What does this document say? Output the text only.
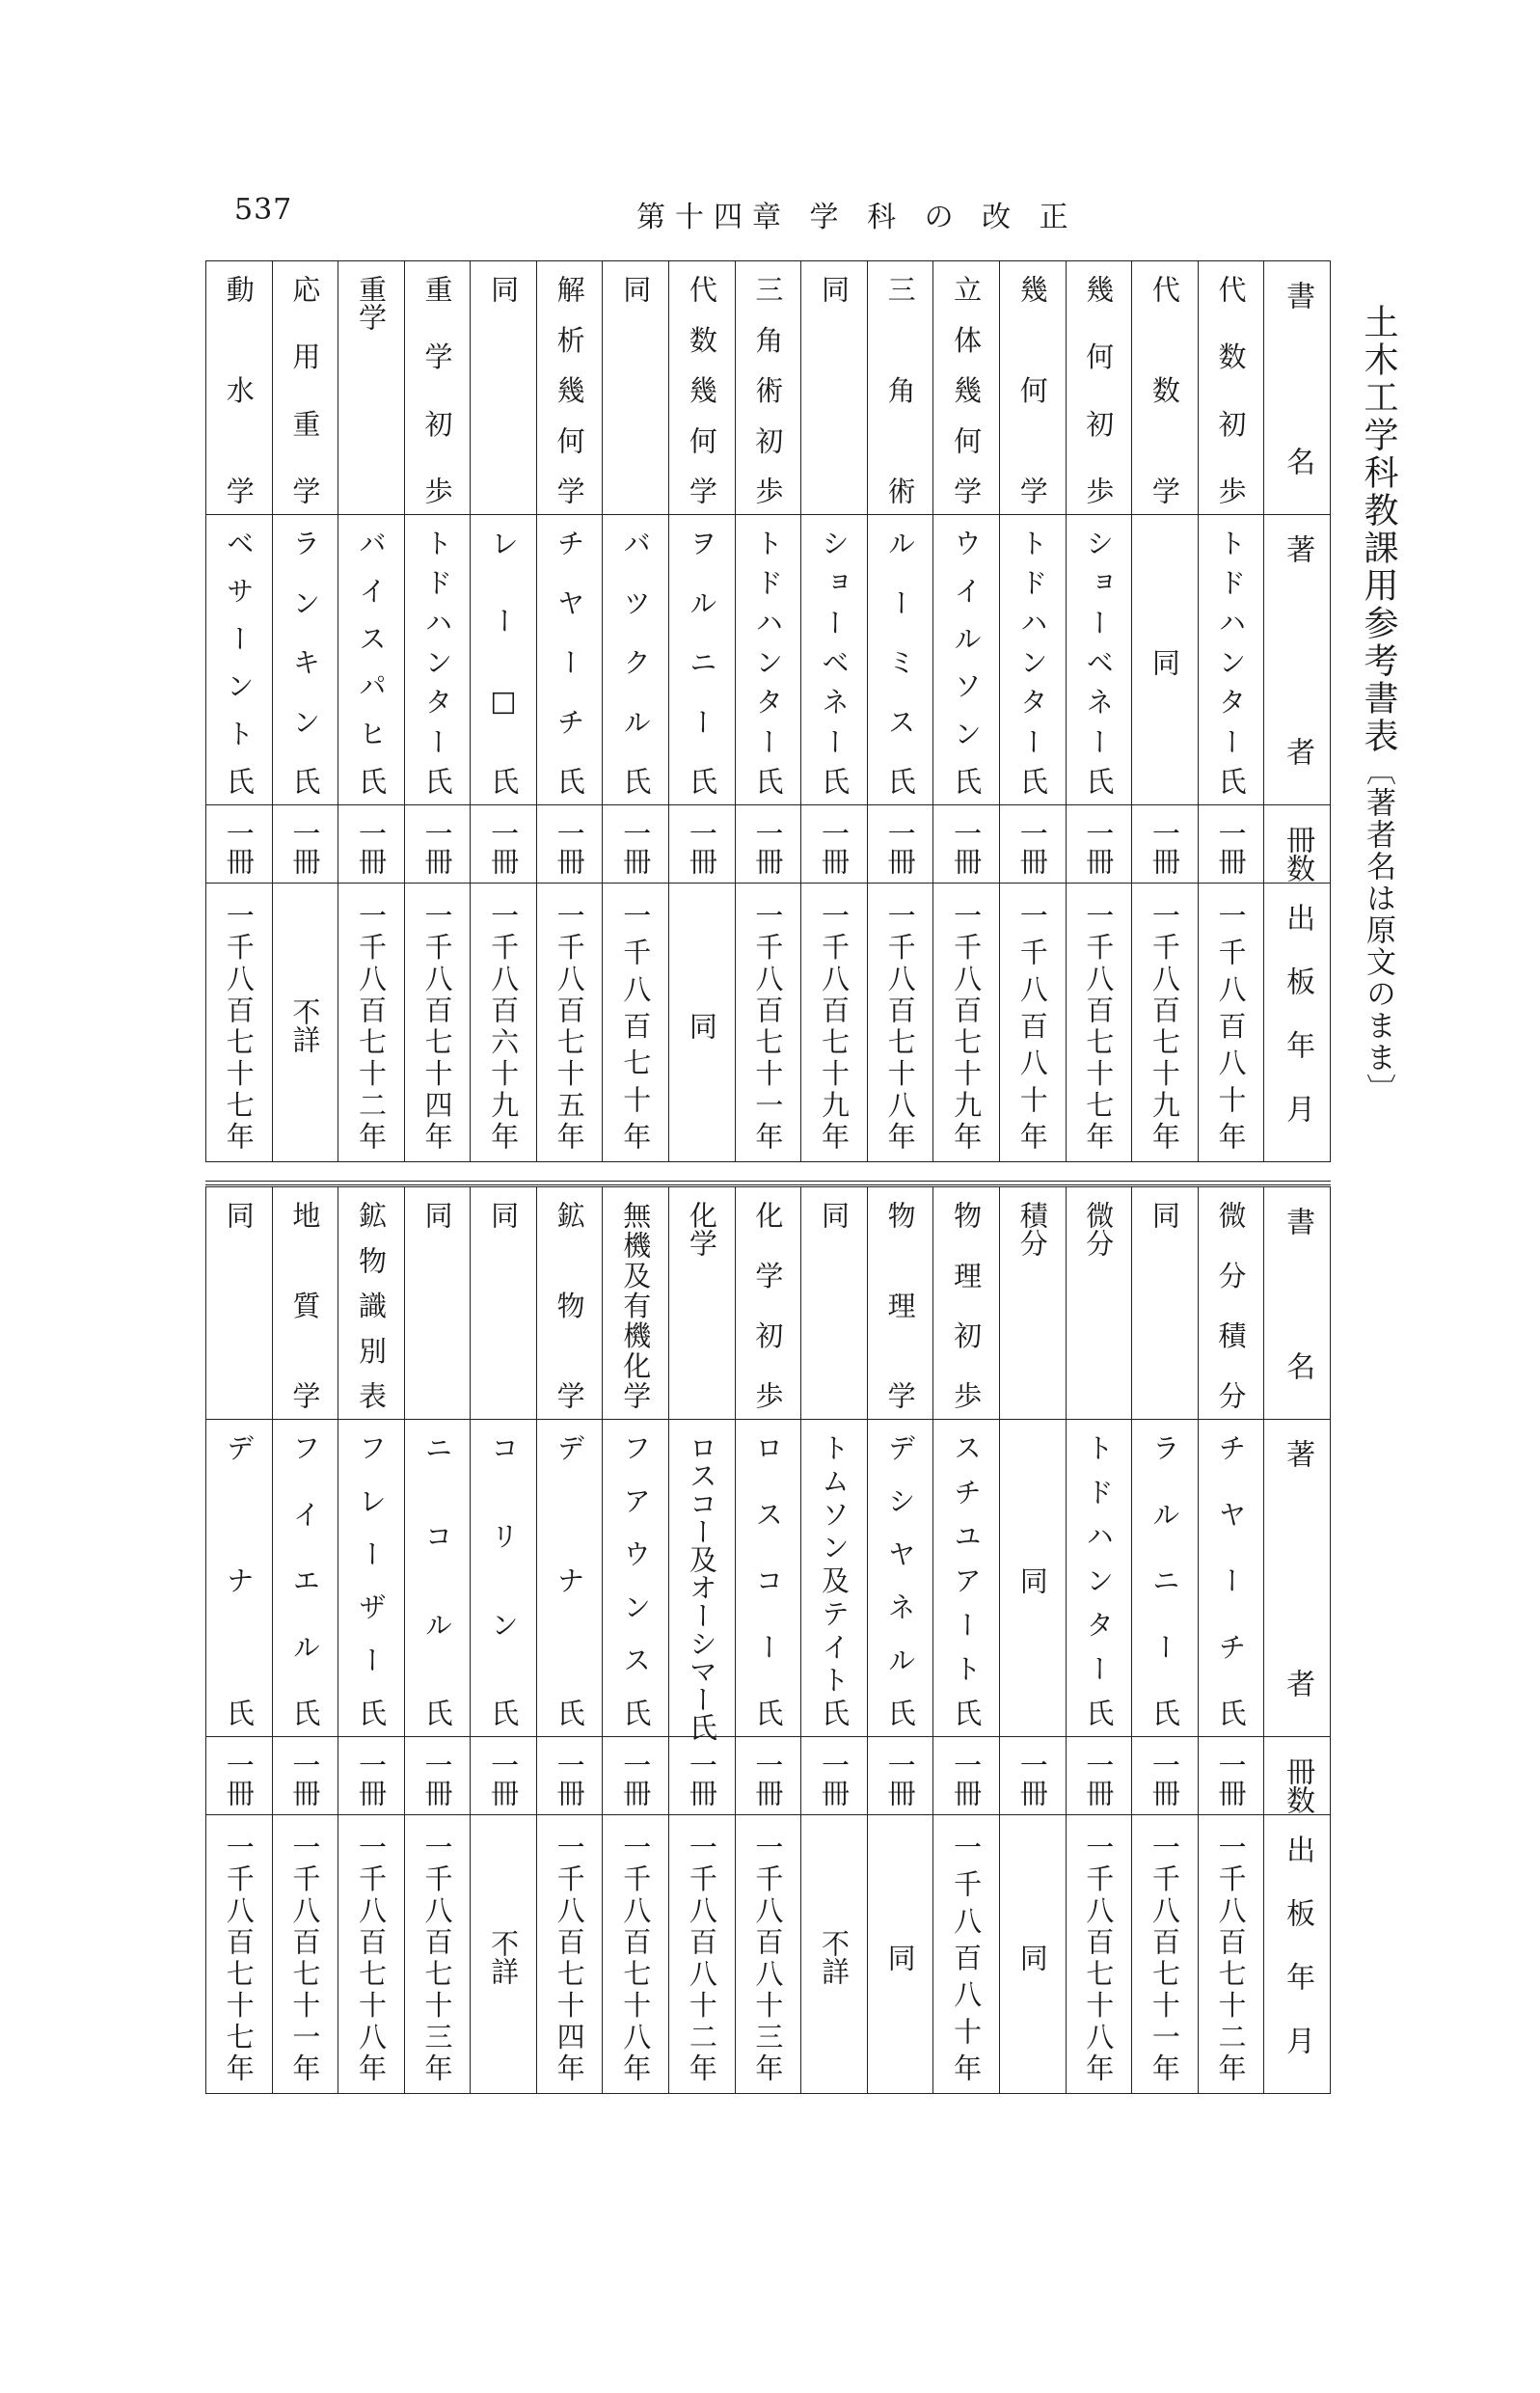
537	第十四章 学 科 の 改 正
土木工学科教課用参考書表〔著者名は原文のまま〕
動水学	応用重学	重学	重学初歩	同	解析幾何学	同	代数幾何学	三角術初歩	同	三角術	立体幾何学	幾何学	幾何初歩	代数学	代数初歩	書 名
ベサーント氏	ランキン氏	バイスパヒ氏	トドハンター氏	レー□氏	チヤーチ氏	バツクル氏	ヲルニー氏	トドハンター氏	ショーベネー氏	ルーミス氏	ウイルソン氏	トドハンター氏	ショーベネー氏	同	トドハンター氏	著 者
一冊	一冊	一冊	一冊	一冊	一冊	一冊	一冊	一冊	一冊	一冊	一冊	一冊	一冊	一冊	一冊	冊数
一千八百七十七年	不詳	一千八百七十二年	一千八百七十四年	一千八百六十九年	一千八百七十五年	一千八百七十年	同	一千八百七十一年	一千八百七十九年	一千八百七十八年	一千八百七十九年	一千八百八十年	一千八百七十七年	一千八百七十九年	一千八百八十年	出 板 年 月
同	地質学	鉱物識別表	同	同	鉱物学	無機及有機化学	化学	化学初歩	同	物理学	物理初歩	積分	微分	同	微分積分	書 名
デナ氏	フイエル氏	フレーザー氏	ニコル氏	コリン氏	デナ氏	フアウンス氏	ロスコー及オーシマー氏	ロスコー氏	トムソン及テイト氏	デシヤネル氏	スチユアート氏	同	トドハンター氏	ラルニー氏	チヤーチ氏	著 者
一冊	一冊	一冊	一冊	一冊	一冊	一冊	一冊	一冊	一冊	一冊	一冊	一冊	一冊	一冊	一冊	冊数
一千八百七十七年	一千八百七十一年	一千八百七十八年	一千八百七十三年	不詳	一千八百七十四年	一千八百七十八年	一千八百八十二年	一千八百八十三年	不詳	同	一千八百八十年	同	一千八百七十八年	一千八百七十一年	一千八百七十二年	出 板 年 月
